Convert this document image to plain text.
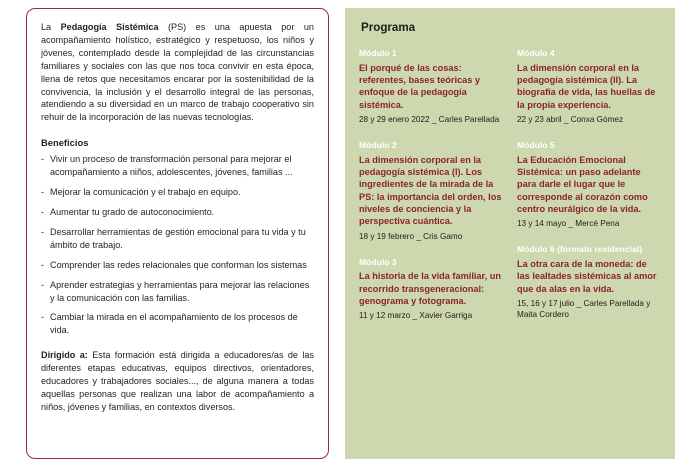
La Pedagogía Sistémica (PS) es una apuesta por un acompañamiento holístico, estratégico y respetuoso, los niños y jóvenes, contemplado desde la complejidad de las circunstancias familiares y sociales con las que nos toca convivir en esta época, llena de retos que necesitamos encarar por la sostenibilidad de la convivencia, la inclusión y el desarrollo integral de las personas, atendiendo a su diversidad en un marco de trabajo cooperativo sin rehuir de la incorporación de las nuevas tecnologías.

Beneficios
- Vivir un proceso de transformación personal para mejorar el acompañamiento a niños, adolescentes, jóvenes, familias ...
- Mejorar la comunicación y el trabajo en equipo.
- Aumentar tu grado de autoconocimiento.
- Desarrollar herramientas de gestión emocional para tu vida y tu ámbito de trabajo.
- Comprender las redes relacionales que conforman los sistemas
- Aprender estrategias y herramientas para mejorar las relaciones y la comunicación con las familias.
- Cambiar la mirada en el acompañamiento de los procesos de vida.

Dirigido a: Esta formación está dirigida a educadores/as de las diferentes etapas educativas, equipos directivos, orientadores, educadores y trabajadores sociales..., de alguna manera a todas aquellas personas que realizan una labor de acompañamiento a niños, jóvenes y familias, en contextos diversos.

Programa
Módulo 1
El porqué de las cosas: referentes, bases teóricas y enfoque de la pedagogía sistémica.
28 y 29 enero 2022 _ Carles Parellada
Módulo 2
La dimensión corporal en la pedagogía sistémica (I). Los ingredientes de la mirada de la PS: la importancia del orden, los niveles de conciencia y la perspectiva cuántica.
18 y 19 febrero _ Cris Gamo
Módulo 3
La historia de la vida familiar, un recorrido transgeneracional: genograma y fotograma.
11 y 12 marzo _ Xavier Garriga
Módulo 4
La dimensión corporal en la pedagogía sistémica (II). La biografía de vida, las huellas de la propia experiencia.
22 y 23 abril _ Conxa Gómez
Módulo 5
La Educación Emocional Sistémica: un paso adelante para darle el lugar que le corresponde al corazón como centro neurálgico de la vida.
13 y 14 mayo _ Mercè Pena
Módulo 6 (formato residencial)
La otra cara de la moneda: de las lealtades sistémicas al amor que da alas en la vida.
15, 16 y 17 julio _ Carles Parellada y Maita Cordero
